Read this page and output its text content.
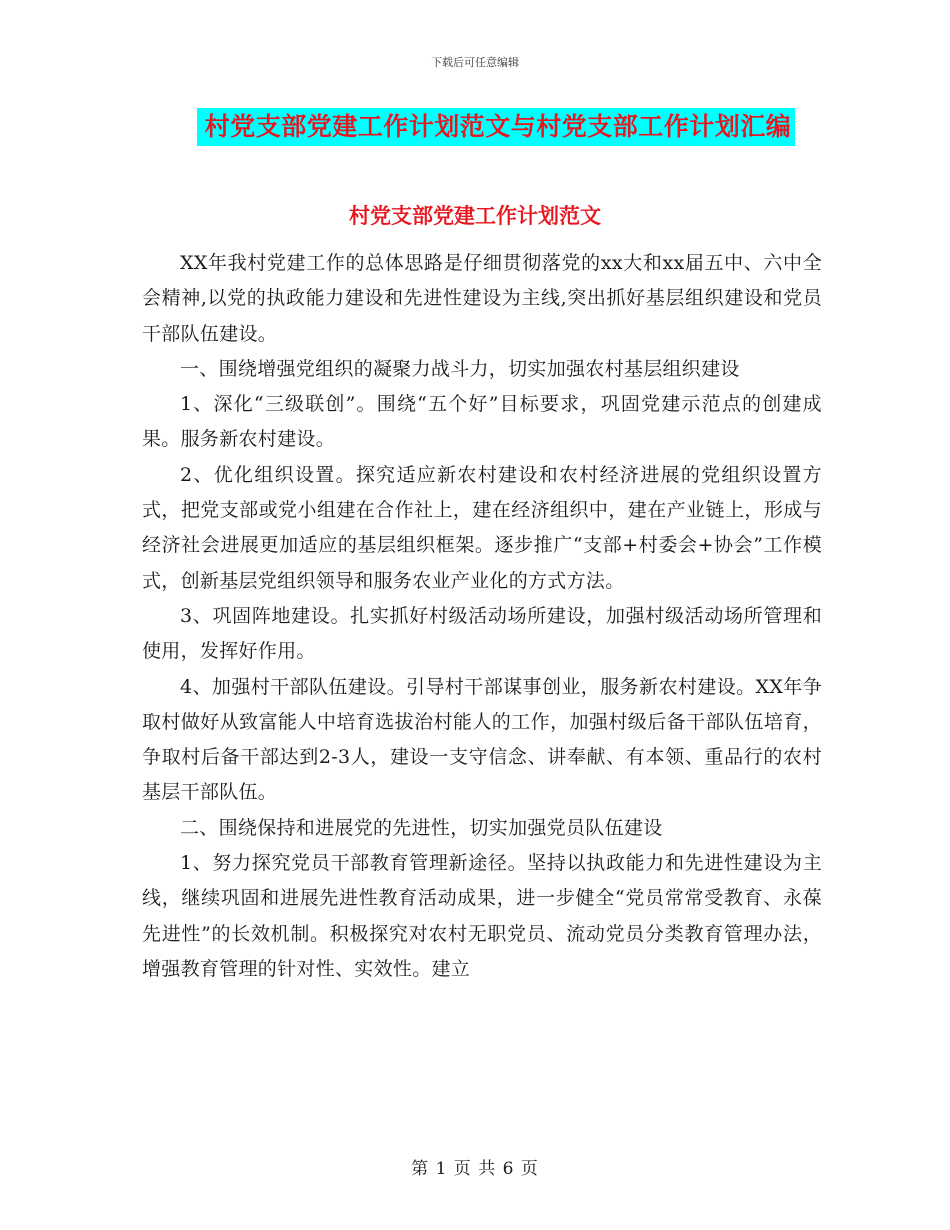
下载后可任意编辑
村党支部党建工作计划范文与村党支部工作计划汇编
村党支部党建工作计划范文

XX年我村党建工作的总体思路是仔细贯彻落党的xx大和xx届五中、六中全会精神,以党的执政能力建设和先进性建设为主线,突出抓好基层组织建设和党员干部队伍建设。

一、围绕增强党组织的凝聚力战斗力，切实加强农村基层组织建设

1、深化“三级联创”。围绕“五个好”目标要求，巩固党建示范点的创建成果。服务新农村建设。

2、优化组织设置。探究适应新农村建设和农村经济进展的党组织设置方式，把党支部或党小组建在合作社上，建在经济组织中，建在产业链上，形成与经济社会进展更加适应的基层组织框架。逐步推广“支部+村委会+协会”工作模式，创新基层党组织领导和服务农业产业化的方式方法。

3、巩固阵地建设。扎实抓好村级活动场所建设，加强村级活动场所管理和使用，发挥好作用。

4、加强村干部队伍建设。引导村干部谋事创业，服务新农村建设。XX年争取村做好从致富能人中培育选拔治村能人的工作，加强村级后备干部队伍培育，争取村后备干部达到2-3人，建设一支守信念、讲奉献、有本领、重品行的农村基层干部队伍。

二、围绕保持和进展党的先进性，切实加强党员队伍建设

1、努力探究党员干部教育管理新途径。坚持以执政能力和先进性建设为主线，继续巩固和进展先进性教育活动成果，进一步健全“党员常常受教育、永葆先进性”的长效机制。积极探究对农村无职党员、流动党员分类教育管理办法，增强教育管理的针对性、实效性。建立

第 1 页 共 6 页
